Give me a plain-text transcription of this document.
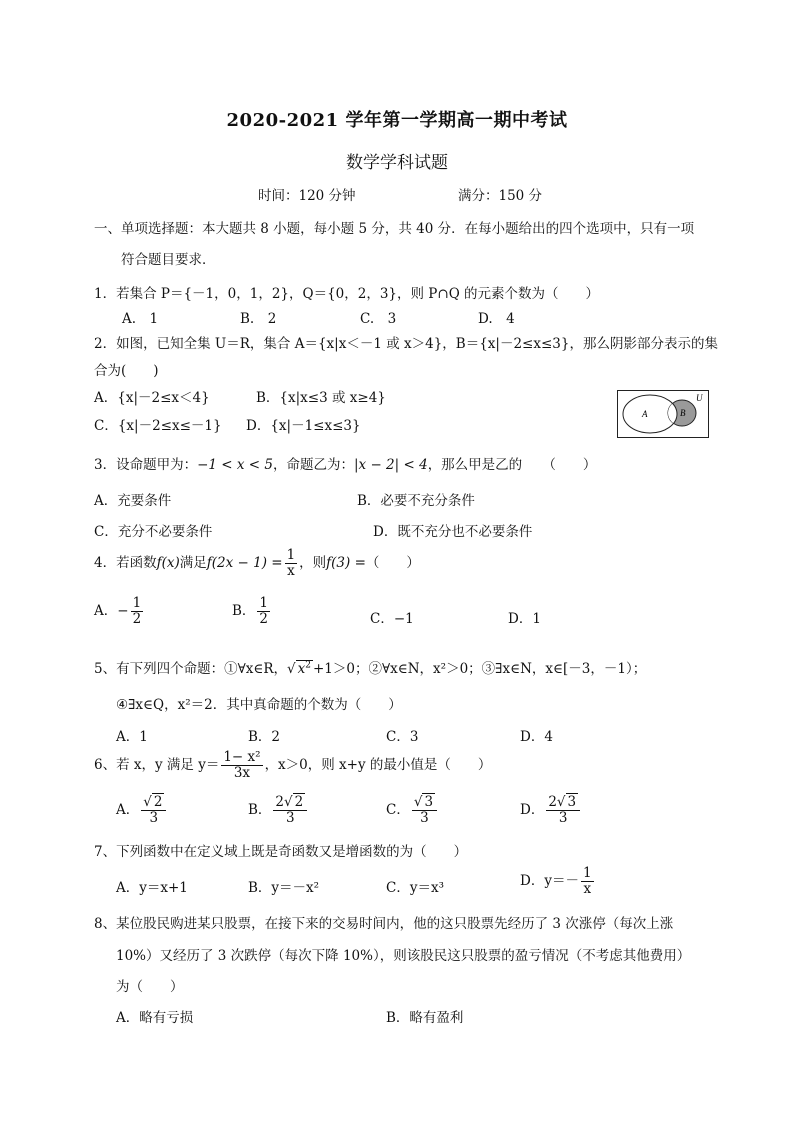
2020-2021 学年第一学期高一期中考试
数学学科试题
时间：120 分钟	满分：150 分
一、单项选择题：本大题共 8 小题，每小题 5 分，共 40 分．在每小题给出的四个选项中，只有一项
符合题目要求．
1．若集合 P＝{－1，0，1，2}，Q＝{0，2，3}，则 P∩Q 的元素个数为（　　）
A.　1	B.　2	C.　3	D.　4
2．如图，已知全集 U＝R，集合 A＝{x|x＜－1 或 x＞4}，B＝{x|－2≤x≤3}，那么阴影部分表示的集
合为(　　)
A．{x|－2≤x＜4}	B．{x|x≤3 或 x≥4}
C．{x|－2≤x≤－1} D．{x|－1≤x≤3}
U
A	B
3．设命题甲为：−1 < x < 5，命题乙为：|x − 2| < 4，那么甲是乙的　　（　　）
A．充要条件	B．必要不充分条件
C．充分不必要条件	D．既不充分也不必要条件
4．若函数f(x)满足$f(2x - 1) = \frac{1}{x}$ ，则f(3) =（　　）
A．− $\frac{1}{2}$	B． $\frac{1}{2}$	C．−1	D．1
5、有下列四个命题：①∀x∈R，√ $x^2 +1>0$；②∀x∈N，x²＞0；③∃x∈N，x∈[－3，－1）；
④∃x∈Q，x²＝2．其中真命题的个数为（　　）
A．1	B．2	C．3	D．4
6、若 x，y 满足 $y= \frac{\text{1− x²}}{3x}$ ，x＞0，则 x+y 的最小值是（　　）
A． $\frac{√ 2}{3}$	B． $\frac{2√ 2}{3}$	C． $\frac{√ 3}{3}$	D． $\frac{2√ 3}{3}$
7、下列函数中在定义域上既是奇函数又是增函数的为（　　）
A．y＝x+1	B．y＝－x²	C．y＝x³	D．$y=- \frac{1}{x}$
8、某位股民购进某只股票，在接下来的交易时间内，他的这只股票先经历了 3 次涨停（每次上涨
10%）又经历了 3 次跌停（每次下降 10%），则该股民这只股票的盈亏情况（不考虑其他费用）
为（　　）
A．略有亏损	B．略有盈利
